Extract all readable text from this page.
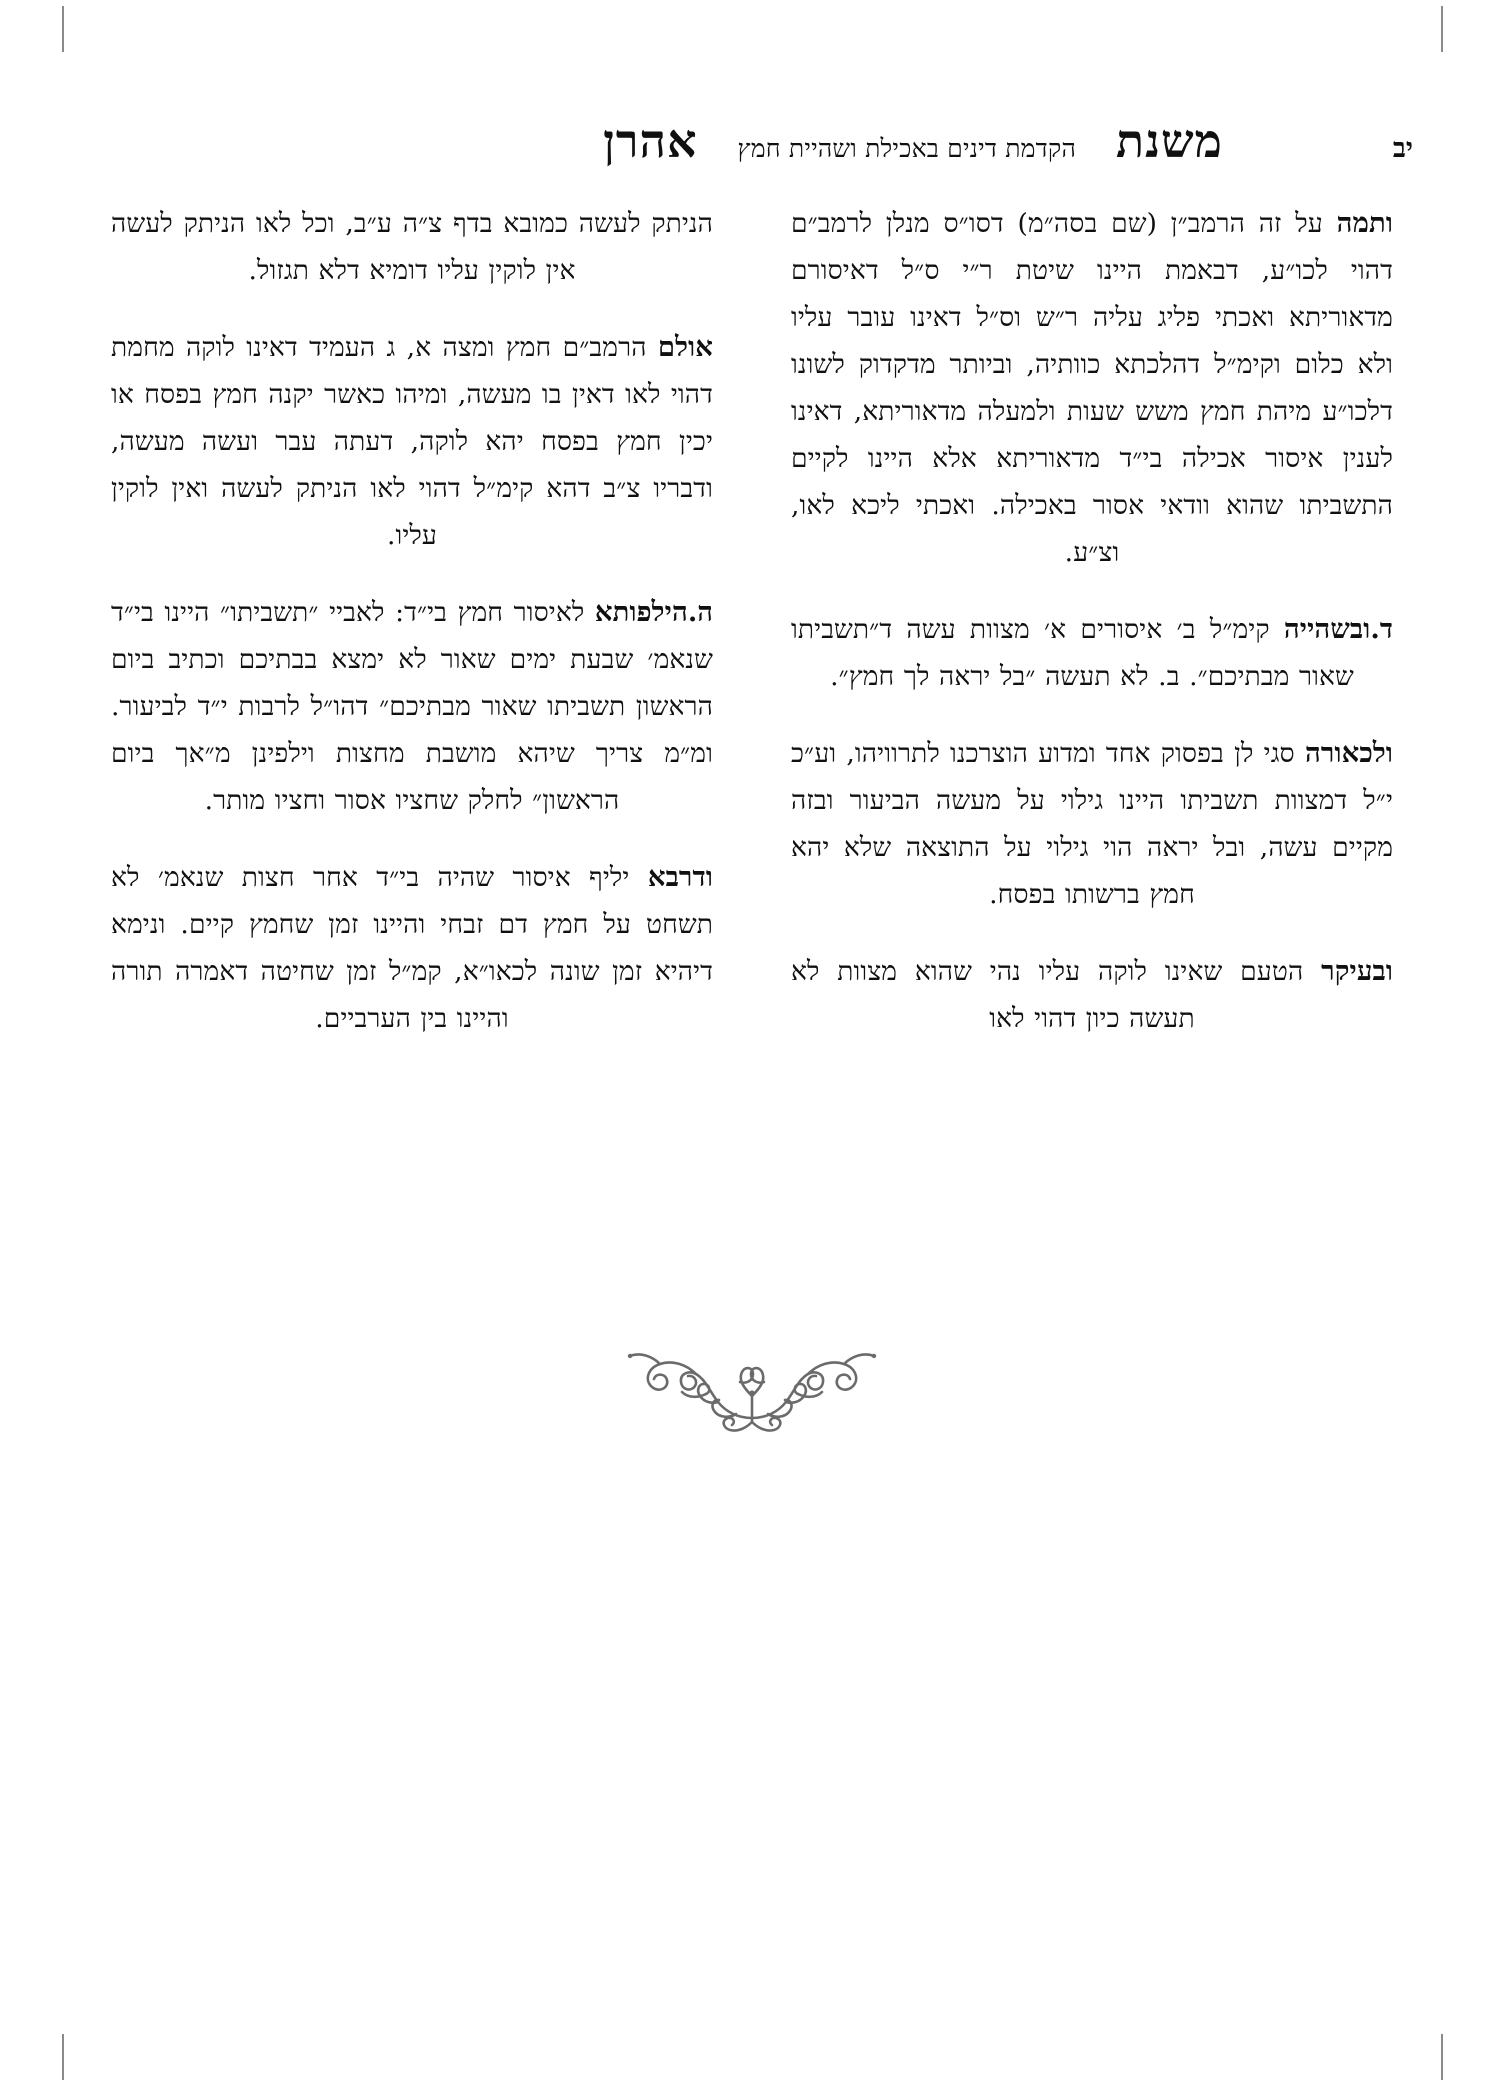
יב
משנת
הקדמת דינים באכילת ושהיית חמץ
אהרן

ותמה על זה הרמב״ן (שם בסה״מ) דסו״ס מנלן לרמב״ם דהוי לכו״ע, דבאמת היינו שיטת ר״י ס״ל דאיסורם מדאוריתא ואכתי פליג עליה ר״ש וס״ל דאינו עובר עליו ולא כלום וקימ״ל דהלכתא כוותיה, וביותר מדקדוק לשונו דלכו״ע מיהת חמץ משש שעות ולמעלה מדאוריתא, דאינו לענין איסור אכילה בי״ד מדאוריתא אלא היינו לקיים התשביתו שהוא וודאי אסור באכילה. ואכתי ליכא לאו, וצ״ע.

ד.ובשהייה קימ״ל ב׳ איסורים א׳ מצוות עשה ד״תשביתו שאור מבתיכם״. ב. לא תעשה ״בל יראה לך חמץ״.

ולכאורה סגי לן בפסוק אחד ומדוע הוצרכנו לתרוויהו, וע״כ י״ל דמצוות תשביתו היינו גילוי על מעשה הביעור ובזה מקיים עשה, ובל יראה הוי גילוי על התוצאה שלא יהא חמץ ברשותו בפסח.

ובעיקר הטעם שאינו לוקה עליו נהי שהוא מצוות לא תעשה כיון דהוי לאו

הניתק לעשה כמובא בדף צ״ה ע״ב, וכל לאו הניתק לעשה אין לוקין עליו דומיא דלא תגזול.

אולם הרמב״ם חמץ ומצה א, ג העמיד דאינו לוקה מחמת דהוי לאו דאין בו מעשה, ומיהו כאשר יקנה חמץ בפסח או יכין חמץ בפסח יהא לוקה, דעתה עבר ועשה מעשה, ודבריו צ״ב דהא קימ״ל דהוי לאו הניתק לעשה ואין לוקין עליו.

ה.הילפותא לאיסור חמץ בי״ד: לאביי ״תשביתו״ היינו בי״ד שנאמ׳ שבעת ימים שאור לא ימצא בבתיכם וכתיב ביום הראשון תשביתו שאור מבתיכם״ דהו״ל לרבות י״ד לביעור. ומ״מ צריך שיהא מושבת מחצות וילפינן מ״אך ביום הראשון״ לחלק שחציו אסור וחציו מותר.

ודרבא יליף איסור שהיה בי״ד אחר חצות שנאמ׳ לא תשחט על חמץ דם זבחי והיינו זמן שחמץ קיים. ונימא דיהיא זמן שונה לכאו״א, קמ״ל זמן שחיטה דאמרה תורה והיינו בין הערביים.
